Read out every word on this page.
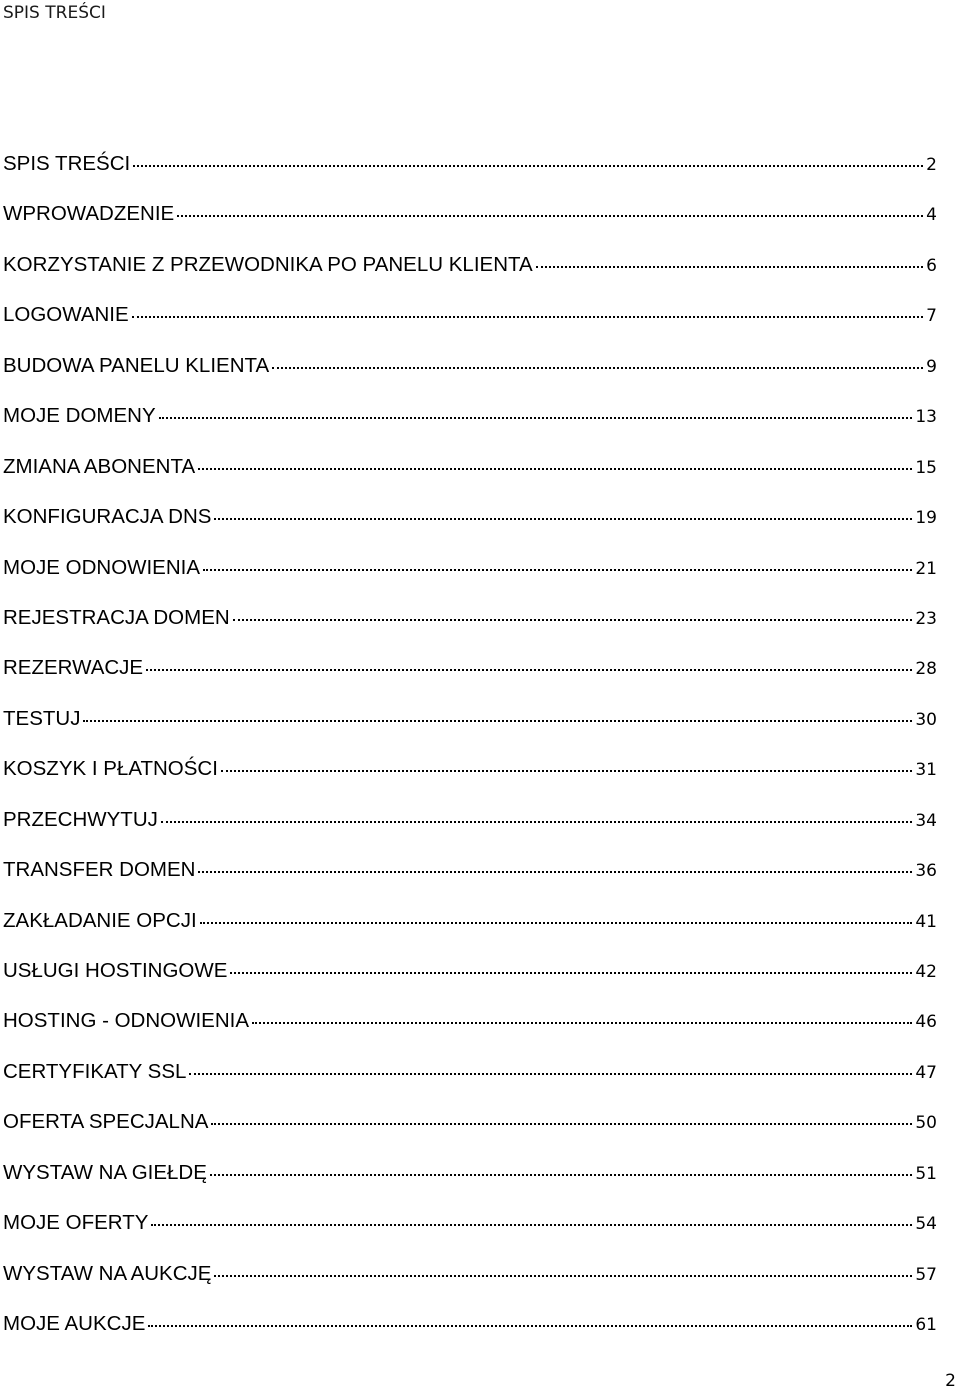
SPIS TREŚCI
SPIS TREŚCI	2
WPROWADZENIE	4
KORZYSTANIE Z PRZEWODNIKA PO PANELU KLIENTA	6
LOGOWANIE	7
BUDOWA PANELU KLIENTA	9
MOJE DOMENY	13
ZMIANA ABONENTA	15
KONFIGURACJA DNS	19
MOJE ODNOWIENIA	21
REJESTRACJA DOMEN	23
REZERWACJE	28
TESTUJ	30
KOSZYK I PŁATNOŚCI	31
PRZECHWYTUJ	34
TRANSFER DOMEN	36
ZAKŁADANIE OPCJI	41
USŁUGI HOSTINGOWE	42
HOSTING - ODNOWIENIA	46
CERTYFIKATY SSL	47
OFERTA SPECJALNA	50
WYSTAW NA GIEŁDĘ	51
MOJE OFERTY	54
WYSTAW NA AUKCJĘ	57
MOJE AUKCJE	61
2
